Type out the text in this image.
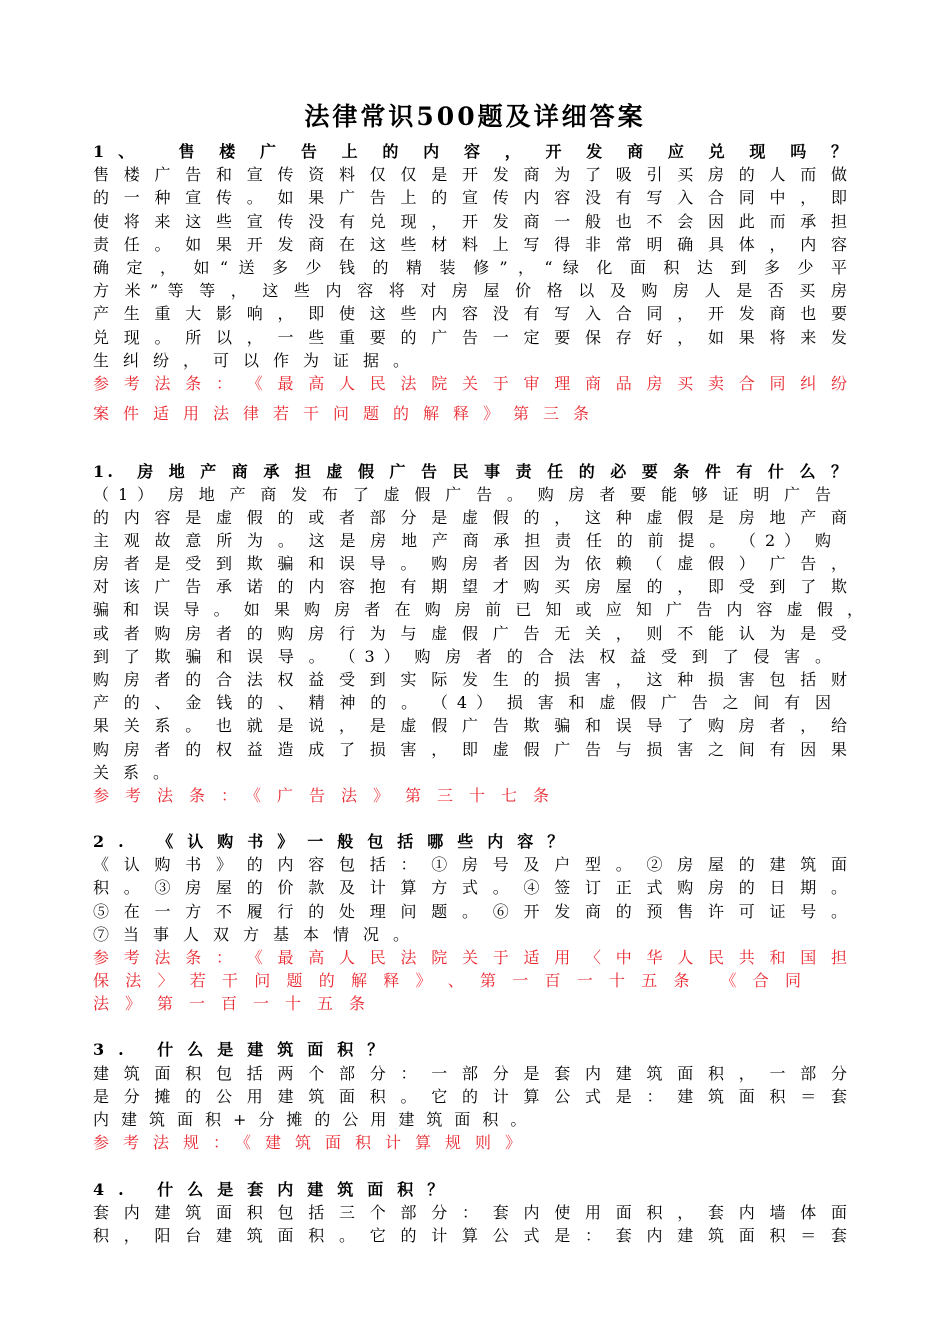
法律常识500题及详细答案

1 、   售 楼 广 告 上 的 内 容 ， 开 发 商 应 兑 现 吗 ？

售 楼 广 告 和 宣 传 资 料 仅 仅 是 开 发 商 为 了 吸 引 买 房 的 人 而 做

的 一 种 宣 传 。 如 果 广 告 上 的 宣 传 内 容 没 有 写 入 合 同 中 ， 即

使 将 来 这 些 宣 传 没 有 兑 现 ， 开 发 商 一 般 也 不 会 因 此 而 承 担

责 任 。 如 果 开 发 商 在 这 些 材 料 上 写 得 非 常 明 确 具 体 ， 内 容

确 定 ， 如 “ 送 多 少 钱 的 精 装 修 ” ， “ 绿 化 面 积 达 到 多 少 平

方 米 ” 等 等 ， 这 些 内 容 将 对 房 屋 价 格 以 及 购 房 人 是 否 买 房

产 生 重 大 影 响 ， 即 使 这 些 内 容 没 有 写 入 合 同 ， 开 发 商 也 要

兑 现 。 所 以 ， 一 些 重 要 的 广 告 一 定 要 保 存 好 ， 如 果 将 来 发

生纠纷，可以作为证据。

参 考 法 条 ： 《 最 高 人 民 法 院 关 于 审 理 商 品 房 买 卖 合 同 纠 纷

案件适用法律若干问题的解释》第三条

1 .   房 地 产 商 承 担 虚 假 广 告 民 事 责 任 的 必 要 条 件 有 什 么 ？

（ 1 ） 房 地 产 商 发 布 了 虚 假 广 告 。 购 房 者 要 能 够 证 明 广 告

的 内 容 是 虚 假 的 或 者 部 分 是 虚 假 的 ， 这 种 虚 假 是 房 地 产 商

主 观 故 意 所 为 。 这 是 房 地 产 商 承 担 责 任 的 前 提 。 （ 2 ） 购

房 者 是 受 到 欺 骗 和 误 导 。 购 房 者 因 为 依 赖 （ 虚 假 ） 广 告 ，

对 该 广 告 承 诺 的 内 容 抱 有 期 望 才 购 买 房 屋 的 ， 即 受 到 了 欺

骗 和 误 导 。 如 果 购 房 者 在 购 房 前 已 知 或 应 知 广 告 内 容 虚 假 ，

或 者 购 房 者 的 购 房 行 为 与 虚 假 广 告 无 关 ， 则 不 能 认 为 是 受

到 了 欺 骗 和 误 导 。 （ 3 ） 购 房 者 的 合 法 权 益 受 到 了 侵 害 。

购 房 者 的 合 法 权 益 受 到 实 际 发 生 的 损 害 ， 这 种 损 害 包 括 财

产 的 、 金 钱 的 、 精 神 的 。 （ 4 ） 损 害 和 虚 假 广 告 之 间 有 因

果 关 系 。 也 就 是 说 ， 是 虚 假 广 告 欺 骗 和 误 导 了 购 房 者 ， 给

购 房 者 的 权 益 造 成 了 损 害 ， 即 虚 假 广 告 与 损 害 之 间 有 因 果

关系。

参考法条：《广告法》第三十七条

2. 《认购书》一般包括哪些内容？

《 认 购 书 》 的 内 容 包 括 ： ① 房 号 及 户 型 。 ② 房 屋 的 建 筑 面

积 。 ③ 房 屋 的 价 款 及 计 算 方 式 。 ④ 签 订 正 式 购 房 的 日 期 。

⑤ 在 一 方 不 履 行 的 处 理 问 题 。 ⑥ 开 发 商 的 预 售 许 可 证 号 。

⑦当事人双方基本情况。

参 考 法 条 ： 《 最 高 人 民 法 院 关 于 适 用 〈 中 华 人 民 共 和 国 担

保 法 〉 若 干 问 题 的 解 释 》 、 第 一 百 一 十 五 条   《 合 同

法》第一百一十五条

3. 什么是建筑面积？

建 筑 面 积 包 括 两 个 部 分 ： 一 部 分 是 套 内 建 筑 面 积 ， 一 部 分

是 分 摊 的 公 用 建 筑 面 积 。 它 的 计 算 公 式 是 ： 建 筑 面 积 ＝ 套

内建筑面积+分摊的公用建筑面积。

参考法规：《建筑面积计算规则》

4. 什么是套内建筑面积？

套 内 建 筑 面 积 包 括 三 个 部 分 ： 套 内 使 用 面 积 ， 套 内 墙 体 面

积 ， 阳 台 建 筑 面 积 。 它 的 计 算 公 式 是 ： 套 内 建 筑 面 积 ＝ 套
